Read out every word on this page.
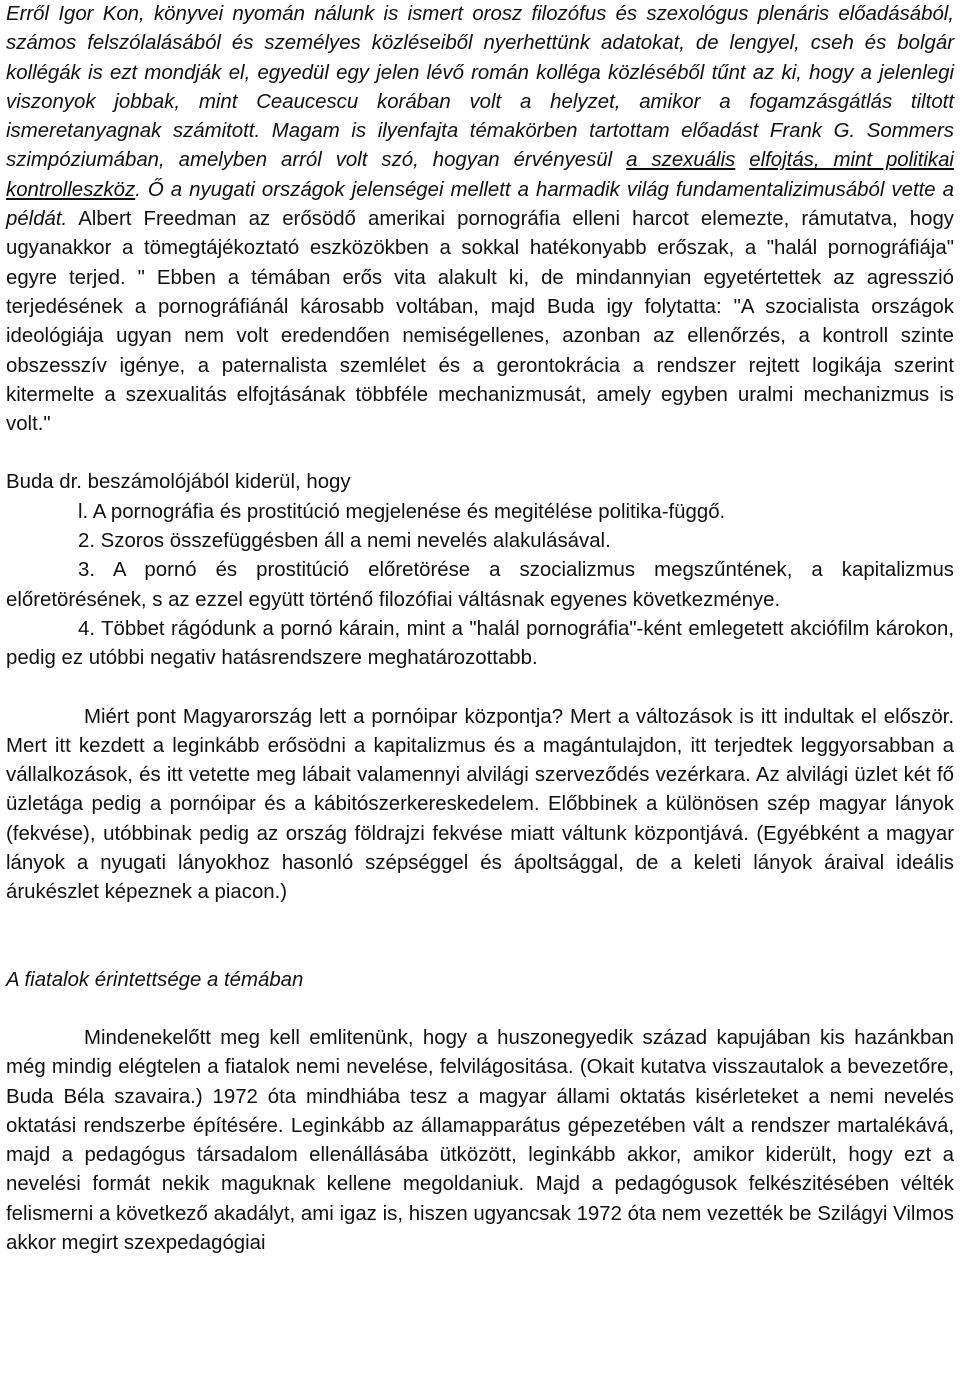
Erről Igor Kon, könyvei nyomán nálunk is ismert orosz filozófus és szexológus plenáris előadásából, számos felszólalásából és személyes közléseiből nyerhettünk adatokat, de lengyel, cseh és bolgár kollégák is ezt mondják el, egyedül egy jelen lévő román kolléga közléséből tűnt az ki, hogy a jelenlegi viszonyok jobbak, mint Ceaucescu korában volt a helyzet, amikor a fogamzásgátlás tiltott ismeretanyagnak számitott. Magam is ilyenfajta témakörben tartottam előadást Frank G. Sommers szimpóziumában, amelyben arról volt szó, hogyan érvényesül a szexuális elfojtás, mint politikai kontrolleszköz. Ő a nyugati országok jelenségei mellett a harmadik világ fundamentalizimusából vette a példát. Albert Freedman az erősödő amerikai pornográfia elleni harcot elemezte, rámutatva, hogy ugyanakkor a tömegtájékoztató eszközökben a sokkal hatékonyabb erőszak, a "halál pornográfiája" egyre terjed. " Ebben a témában erős vita alakult ki, de mindannyian egyetértettek az agresszió terjedésének a pornográfiánál károsabb voltában, majd Buda igy folytatta: "A szocialista országok ideológiája ugyan nem volt eredendően nemiségellenes, azonban az ellenőrzés, a kontroll szinte obszesszív igénye, a paternalista szemlélet és a gerontokrácia a rendszer rejtett logikája szerint kitermelte a szexualitás elfojtásának többféle mechanizmusát, amely egyben uralmi mechanizmus is volt."

Buda dr. beszámolójából kiderül, hogy

l. A pornográfia és prostitúció megjelenése és megitélése politika-függő.

2. Szoros összefüggésben áll a nemi nevelés alakulásával.

3. A pornó és prostitúció előretörése a szocializmus megszűntének, a kapitalizmus előretörésének, s az ezzel együtt történő filozófiai váltásnak egyenes következménye.

4. Többet rágódunk a pornó kárain, mint a "halál pornográfia"-ként emlegetett akciófilm károkon, pedig ez utóbbi negativ hatásrendszere meghatározottabb.

Miért pont Magyarország lett a pornóipar központja? Mert a változások is itt indultak el először. Mert itt kezdett a leginkább erősödni a kapitalizmus és a magántulajdon, itt terjedtek leggyorsabban a vállalkozások, és itt vetette meg lábait valamennyi alvilági szerveződés vezérkara. Az alvilági üzlet két fő üzletága pedig a pornóipar és a kábitószerkereskedelem. Előbbinek a különösen szép magyar lányok (fekvése), utóbbinak pedig az ország földrajzi fekvése miatt váltunk központjává. (Egyébként a magyar lányok a nyugati lányokhoz hasonló szépséggel és ápoltsággal, de a keleti lányok áraival ideális árukészlet képeznek a piacon.)

A fiatalok érintettsége a témában

Mindenekelőtt meg kell emlitenünk, hogy a huszonegyedik század kapujában kis hazánkban még mindig elégtelen a fiatalok nemi nevelése, felvilágositása. (Okait kutatva visszautalok a bevezetőre, Buda Béla szavaira.) 1972 óta mindhiába tesz a magyar állami oktatás kisérleteket a nemi nevelés oktatási rendszerbe építésére. Leginkább az államapparátus gépezetében vált a rendszer martalékává, majd a pedagógus társadalom ellenállásába ütközött, leginkább akkor, amikor kiderült, hogy ezt a nevelési formát nekik maguknak kellene megoldaniuk. Majd a pedagógusok felkészitésében vélték felismerni a következő akadályt, ami igaz is, hiszen ugyancsak 1972 óta nem vezették be Szilágyi Vilmos akkor megirt szexpedagógiai
